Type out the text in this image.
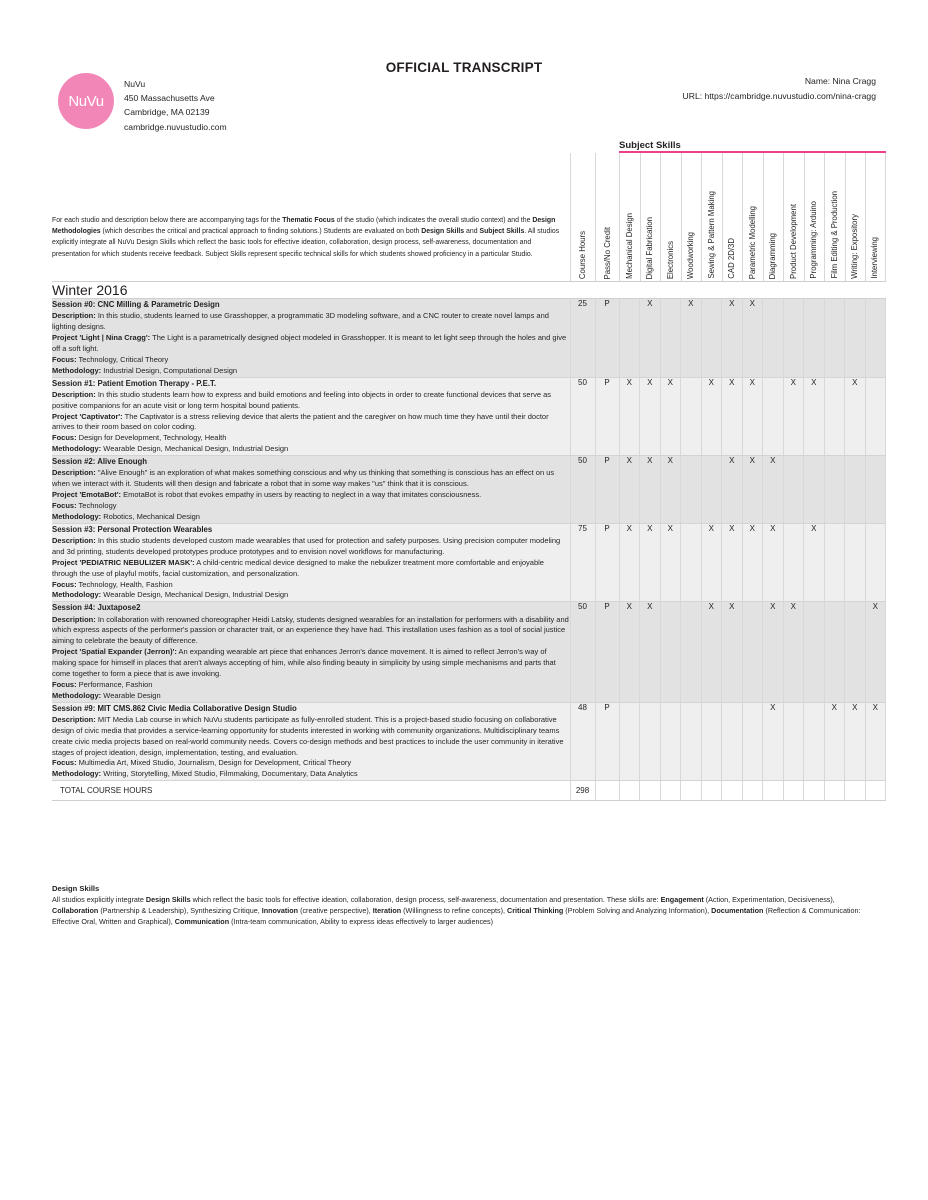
OFFICIAL TRANSCRIPT
NuVu
NuVu
450 Massachusetts Ave
Cambridge, MA 02139
cambridge.nuvustudio.com
Name: Nina Cragg
URL: https://cambridge.nuvustudio.com/nina-cragg
			Subject Skills												

For each studio and description below there are accompanying tags for the Thematic Focus of the studio (which indicates the overall studio context) and the Design Methodologies (which describes the critical and practical approach to finding solutions.) Students are evaluated on both Design Skills and Subject Skills. All studios explicitly integrate all NuVu Design Skills which reflect the basic tools for effective ideation, collaboration, design process, self-awareness, documentation and presentation for which students receive feedback. Subject Skills represent specific technical skills for which students showed proficiency in a particular Studio.	Course Hours	Pass/No Credit	Mechanical Design	Digital Fabrication	Electronics	Woodworking	Sewing & Pattern Making	CAD 2D/3D	Parametric Modelling	Diagramming	Product Development	Programming: Arduino	Film Editing & Production	Writing: Expository	Interviewing

Winter 2016															

Session #0: CNC Milling & Parametric Design
Description: In this studio, students learned to use Grasshopper, a programmatic 3D modeling software, and a CNC router to create novel lamps and lighting designs.
Project 'Light | Nina Cragg': The Light is a parametrically designed object modeled in Grasshopper. It is meant to let light seep through the holes and give off a soft light.
Focus: Technology, Critical Theory
Methodology: Industrial Design, Computational Design	25	P		X		X		X	X						

Session #1: Patient Emotion Therapy - P.E.T.
Description: In this studio students learn how to express and build emotions and feeling into objects in order to create functional devices that serve as positive companions for an acute visit or long term hospital bound patients.
Project 'Captivator': The Captivator is a stress relieving device that alerts the patient and the caregiver on how much time they have until their doctor arrives to their room based on color coding.
Focus: Design for Development, Technology, Health
Methodology: Wearable Design, Mechanical Design, Industrial Design	50	P	X	X	X		X	X	X		X	X		X	

Session #2: Alive Enough
Description: "Alive Enough" is an exploration of what makes something conscious and why us thinking that something is conscious has an effect on us when we interact with it. Students will then design and fabricate a robot that in some way makes "us" think that it is conscious.
Project 'EmotaBot': EmotaBot is robot that evokes empathy in users by reacting to neglect in a way that imitates consciousness.
Focus: Technology
Methodology: Robotics, Mechanical Design	50	P	X	X	X			X	X	X					

Session #3: Personal Protection Wearables
Description: In this studio students developed custom made wearables that used for protection and safety purposes. Using precision computer modeling and 3d printing, students developed prototypes produce prototypes and to envision novel workflows for manufacturing.
Project 'PEDIATRIC NEBULIZER MASK': A child-centric medical device designed to make the nebulizer treatment more comfortable and enjoyable through the use of playful motifs, facial customization, and personalization.
Focus: Technology, Health, Fashion
Methodology: Wearable Design, Mechanical Design, Industrial Design	75	P	X	X	X		X	X	X	X		X			

Session #4: Juxtapose2
Description: In collaboration with renowned choreographer Heidi Latsky, students designed wearables for an installation for performers with a disability and which express aspects of the performer's passion or character trait, or an experience they have had. This installation uses fashion as a tool of social justice aiming to celebrate the beauty of difference.
Project 'Spatial Expander (Jerron)': An expanding wearable art piece that enhances Jerron's dance movement. It is aimed to reflect Jerron's way of making space for himself in places that aren't always accepting of him, while also finding beauty in simplicity by using simple mechanisms and parts that come together to form a piece that is awe invoking.
Focus: Performance, Fashion
Methodology: Wearable Design	50	P	X	X			X	X		X	X				X

Session #9: MIT CMS.862 Civic Media Collaborative Design Studio
Description: MIT Media Lab course in which NuVu students participate as fully-enrolled student. This is a project-based studio focusing on collaborative design of civic media that provides a service-learning opportunity for students interested in working with community organizations. Multidisciplinary teams create civic media projects based on real-world community needs. Covers co-design methods and best practices to include the user community in iterative stages of project ideation, design, implementation, testing, and evaluation.
Focus: Multimedia Art, Mixed Studio, Journalism, Design for Development, Critical Theory
Methodology: Writing, Storytelling, Mixed Studio, Filmmaking, Documentary, Data Analytics	48	P								X			X	X	X
TOTAL COURSE HOURS	298														
Design Skills

All studios explicitly integrate Design Skills which reflect the basic tools for effective ideation, collaboration, design process, self-awareness, documentation and presentation. These skills are: Engagement (Action, Experimentation, Decisiveness), Collaboration (Partnership & Leadership), Synthesizing Critique, Innovation (creative perspective), Iteration (Willingness to refine concepts), Critical Thinking (Problem Solving and Analyzing Information), Documentation (Reflection & Communication: Effective Oral, Written and Graphical), Communication (Intra-team communication, Ability to express ideas effectively to larger audiences)
